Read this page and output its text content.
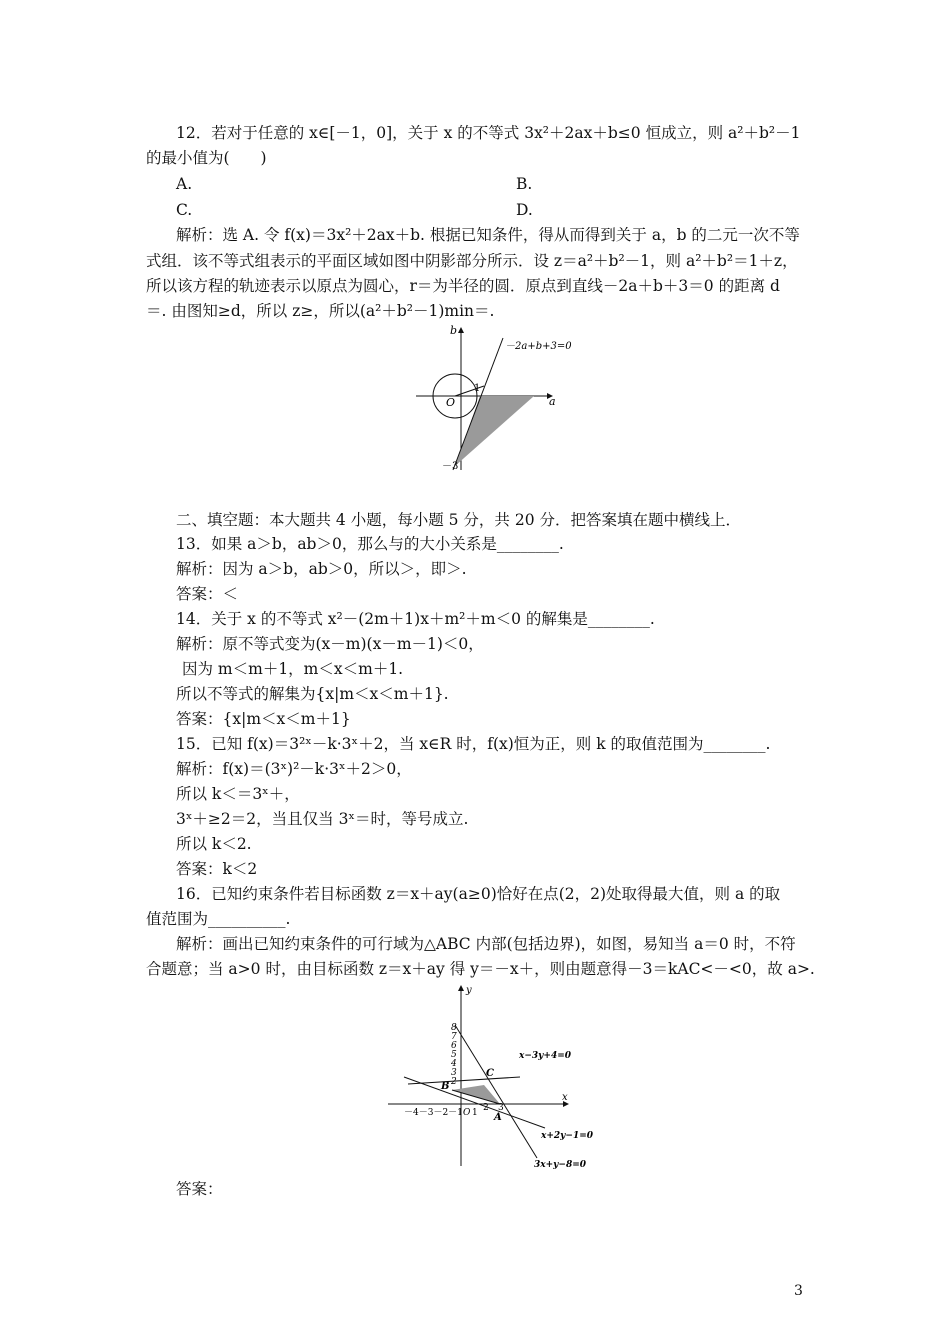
12．若对于任意的 x∈[－1，0]，关于 x 的不等式 3x²＋2ax＋b≤0 恒成立，则 a²＋b²－1
的最小值为(　　)
A.	B.
C.	D.
解析：选 A. 令 f(x)＝3x²＋2ax＋b. 根据已知条件，得从而得到关于 a，b 的二元一次不等
式组．该不等式组表示的平面区域如图中阴影部分所示．设 z＝a²＋b²－1，则 a²＋b²＝1＋z，
所以该方程的轨迹表示以原点为圆心，r＝为半径的圆．原点到直线－2a＋b＋3＝0 的距离 d
＝. 由图知≥d，所以 z≥，所以(a²＋b²－1)min＝.
b
a
O
1
－3
－2a+b+3=0
二、填空题：本大题共 4 小题，每小题 5 分，共 20 分．把答案填在题中横线上．
13．如果 a＞b，ab＞0，那么与的大小关系是________.
解析：因为 a＞b，ab＞0，所以＞，即＞.
答案：＜
14．关于 x 的不等式 x²－(2m＋1)x＋m²＋m＜0 的解集是________.
解析：原不等式变为(x－m)(x－m－1)＜0，
因为 m＜m＋1，m＜x＜m＋1.
所以不等式的解集为{x|m＜x＜m＋1}.
答案：{x|m＜x＜m＋1}
15．已知 f(x)＝3²ˣ－k·3ˣ＋2，当 x∈R 时，f(x)恒为正，则 k 的取值范围为________.
解析：f(x)＝(3ˣ)²－k·3ˣ＋2＞0，
所以 k＜＝3ˣ＋，
3ˣ＋≥2＝2，当且仅当 3ˣ＝时，等号成立.
所以 k＜2.
答案：k＜2
16．已知约束条件若目标函数 z＝x＋ay(a≥0)恰好在点(2，2)处取得最大值，则 a 的取
值范围为__________.
解析：画出已知约束条件的可行域为△ABC 内部(包括边界)，如图，易知当 a＝0 时，不符
合题意；当 a>0 时，由目标函数 z＝x＋ay 得 y＝－x＋，则由题意得－3＝kAC<－<0，故 a>.
8
7
6
5
4
3
2
y
x
－4－3－2－1 O 1 2 3
B
C
A
x−3y+4=0
x+2y−1=0
3x+y−8=0
答案：
3
